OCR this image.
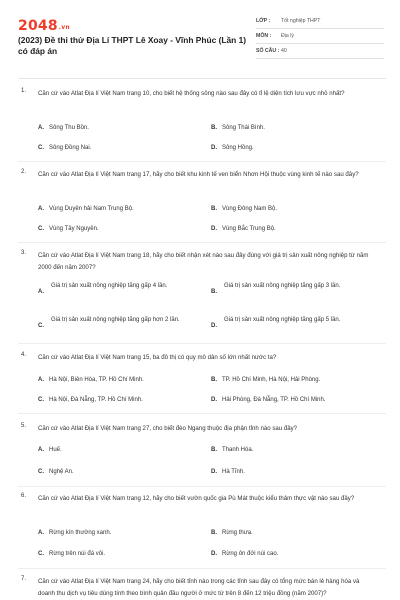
2048.vn
(2023) Đề thi thử Địa Lí THPT Lê Xoay - Vĩnh Phúc (Lần 1) có đáp án
LỚP : Tốt nghiệp THPT
MÔN : Địa lý
SỐ CÂU : 40
1. Căn cứ vào Atlat Địa lí Việt Nam trang 10, cho biết hệ thống sông nào sau đây có tỉ lệ diện tích lưu vực nhỏ nhất?
A. Sông Thu Bồn.	B. Sông Thái Bình.
C. Sông Đồng Nai.	D. Sông Hồng.
2. Căn cứ vào Atlat Địa lí Việt Nam trang 17, hãy cho biết khu kinh tế ven biển Nhơn Hội thuộc vùng kinh tế nào sau đây?
A. Vùng Duyên hải Nam Trung Bộ.	B. Vùng Đông Nam Bộ.
C. Vùng Tây Nguyên.	D. Vùng Bắc Trung Bộ.
3. Căn cứ vào Atlat Địa lí Việt Nam trang 18, hãy cho biết nhận xét nào sau đây đúng với giá trị sản xuất nông nghiệp từ năm 2000 đến năm 2007?
A.
Giá trị sản xuất nông nghiệp tăng gấp 4 lần.
B.
Giá trị sản xuất nông nghiệp tăng gấp 3 lần.
C.
Giá trị sản xuất nông nghiệp tăng gấp hơn 2 lần.
D.
Giá trị sản xuất nông nghiệp tăng gấp 5 lần.
4. Căn cứ vào Atlat Địa lí Việt Nam trang 15, ba đô thị có quy mô dân số lớn nhất nước ta?
A. Hà Nội, Biên Hòa, TP. Hồ Chí Minh.	B. TP. Hồ Chí Minh, Hà Nội, Hải Phòng.
C. Hà Nội, Đà Nẵng, TP. Hồ Chí Minh.	D. Hải Phòng, Đà Nẵng, TP. Hồ Chí Minh.
5. Căn cứ vào Atlat Địa lí Việt Nam trang 27, cho biết đèo Ngang thuộc địa phận tỉnh nào sau đây?
A. Huế.	B. Thanh Hóa.
C. Nghệ An.	D. Hà Tĩnh.
6. Căn cứ vào Atlat Địa lí Việt Nam trang 12, hãy cho biết vườn quốc gia Pù Mát thuộc kiểu thảm thực vật nào sau đây?
A. Rừng kín thường xanh.	B. Rừng thưa.
C. Rừng trên núi đá vôi.	D. Rừng ôn đới núi cao.
7. Căn cứ vào Atlat Địa lí Việt Nam trang 24, hãy cho biết tỉnh nào trong các tỉnh sau đây có tổng mức bán lẻ hàng hóa và doanh thu dịch vụ tiêu dùng tính theo bình quân đầu người ở mức từ trên 8 đến 12 triệu đồng (năm 2007)?
